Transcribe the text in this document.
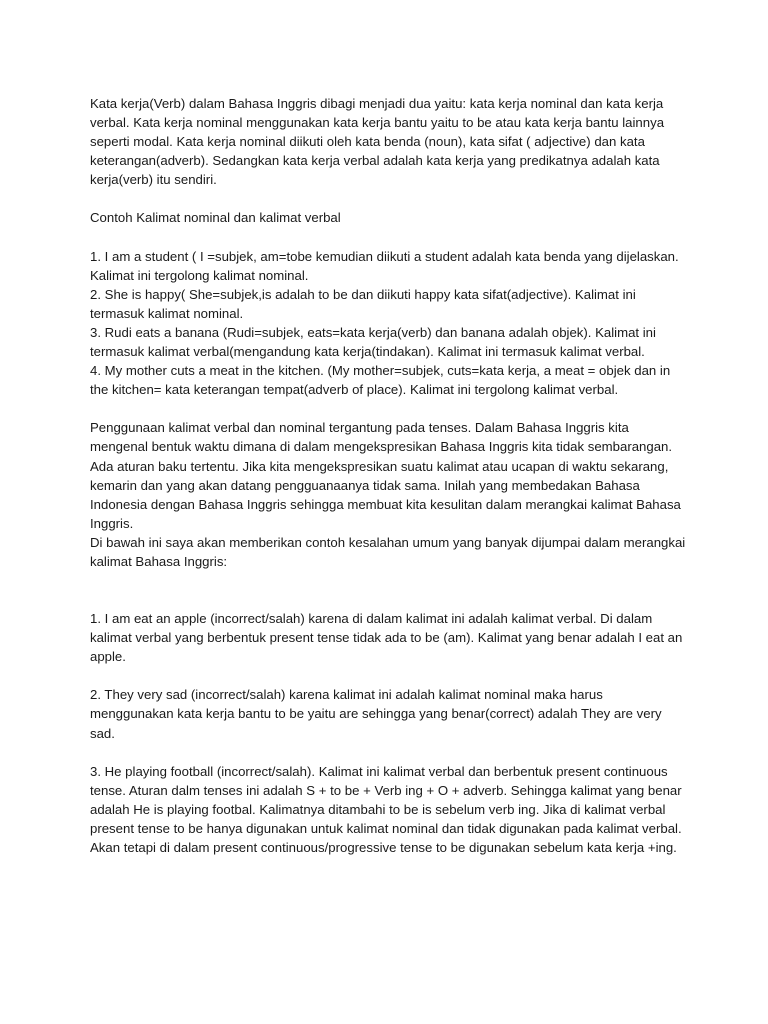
Kata kerja(Verb) dalam Bahasa Inggris dibagi menjadi dua yaitu: kata kerja nominal dan kata kerja verbal. Kata kerja nominal menggunakan kata kerja bantu yaitu to be atau kata kerja bantu lainnya seperti modal. Kata kerja nominal diikuti oleh kata benda (noun), kata sifat ( adjective) dan kata keterangan(adverb). Sedangkan kata kerja verbal adalah kata kerja yang predikatnya adalah kata kerja(verb) itu sendiri.

Contoh Kalimat nominal dan kalimat verbal

1. I am a student ( I =subjek, am=tobe kemudian diikuti a student adalah kata benda yang dijelaskan. Kalimat ini tergolong kalimat nominal.

2. She is happy( She=subjek,is adalah to be dan diikuti happy kata sifat(adjective). Kalimat ini termasuk kalimat nominal.

3. Rudi eats a banana (Rudi=subjek, eats=kata kerja(verb) dan banana adalah objek). Kalimat ini termasuk kalimat verbal(mengandung kata kerja(tindakan). Kalimat ini termasuk kalimat verbal.

4. My mother cuts a meat in the kitchen. (My mother=subjek, cuts=kata kerja, a meat = objek dan in the kitchen= kata keterangan tempat(adverb of place). Kalimat ini tergolong kalimat verbal.

Penggunaan kalimat verbal dan nominal tergantung pada tenses. Dalam Bahasa Inggris kita mengenal bentuk waktu dimana di dalam mengekspresikan Bahasa Inggris kita tidak sembarangan. Ada aturan baku tertentu. Jika kita mengekspresikan suatu kalimat atau ucapan di waktu sekarang, kemarin dan yang akan datang pengguanaanya tidak sama. Inilah yang membedakan Bahasa Indonesia dengan Bahasa Inggris sehingga membuat kita kesulitan dalam merangkai kalimat Bahasa Inggris.

Di bawah ini saya akan memberikan contoh kesalahan umum yang banyak dijumpai dalam merangkai kalimat Bahasa Inggris:

1. I am eat an apple (incorrect/salah) karena di dalam kalimat ini adalah kalimat verbal. Di dalam kalimat verbal yang berbentuk present tense tidak ada to be (am). Kalimat yang benar adalah I eat an apple.

2. They very sad (incorrect/salah) karena kalimat ini adalah kalimat nominal maka harus menggunakan kata kerja bantu to be yaitu are sehingga yang benar(correct) adalah They are very sad.

3. He playing football (incorrect/salah). Kalimat ini kalimat verbal dan berbentuk present continuous tense. Aturan dalm tenses ini adalah S + to be + Verb ing + O + adverb. Sehingga kalimat yang benar adalah He is playing footbal. Kalimatnya ditambahi to be is sebelum verb ing. Jika di kalimat verbal present tense to be hanya digunakan untuk kalimat nominal dan tidak digunakan pada kalimat verbal. Akan tetapi di dalam present continuous/progressive tense to be digunakan sebelum kata kerja +ing.
